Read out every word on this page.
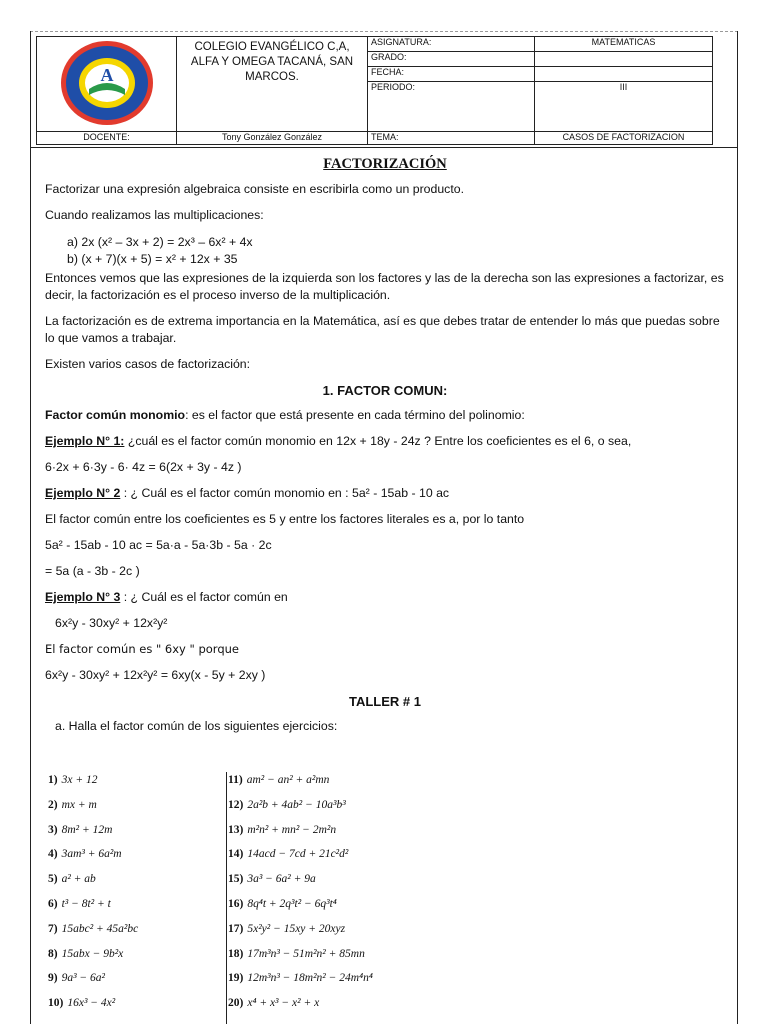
A	COLEGIO EVANGÉLICO C,A, ALFA Y OMEGA TACANÁ, SAN MARCOS.	ASIGNATURA:	MATEMATICAS
		GRADO:	
		FECHA:	
		PERIODO:	III
DOCENTE:	Tony González González	TEMA:	CASOS DE FACTORIZACION
FACTORIZACIÓN

Factorizar una expresión algebraica consiste en escribirla como un producto.

Cuando realizamos las multiplicaciones:

a) 2x (x² – 3x + 2) = 2x³ – 6x² + 4x

b) (x + 7)(x + 5) = x² + 12x + 35

Entonces vemos que las expresiones de la izquierda son los factores y las de la derecha son las expresiones a factorizar, es decir, la factorización es el proceso inverso de la multiplicación.

La factorización es de extrema importancia en la Matemática, así es que debes tratar de entender lo más que puedas sobre lo que vamos a trabajar.

Existen varios casos de factorización:

1. FACTOR COMUN:

Factor común monomio: es el factor que está presente en cada término del polinomio:

Ejemplo N° 1: ¿cuál es el factor común monomio en 12x + 18y - 24z ? Entre los coeficientes es el 6, o sea,

6·2x + 6·3y - 6· 4z = 6(2x + 3y - 4z )

Ejemplo N° 2 : ¿ Cuál es el factor común monomio en : 5a² - 15ab - 10 ac

El factor común entre los coeficientes es 5 y entre los factores literales es a, por lo tanto

5a² - 15ab - 10 ac = 5a·a - 5a·3b - 5a · 2c

= 5a (a - 3b - 2c )

Ejemplo N° 3 : ¿ Cuál es el factor común en

6x²y - 30xy² + 12x²y²

El factor común es " 6xy " porque

6x²y - 30xy² + 12x²y² = 6xy(x - 5y + 2xy )

TALLER # 1

a. Halla el factor común de los siguientes ejercicios:

1) 3x + 12
2) mx + m
3) 8m² + 12m
4) 3am³ + 6a²m
5) a² + ab
6) t³ − 8t² + t
7) 15abc² + 45a²bc
8) 15abx − 9b²x
9) 9a³ − 6a²
10) 16x³ − 4x²
11) am² − an² + a²mn
12) 2a²b + 4ab² − 10a³b³
13) m²n² + mn² − 2m²n
14) 14acd − 7cd + 21c²d²
15) 3a³ − 6a² + 9a
16) 8q⁴t + 2q³t² − 6q³t⁴
17) 5x²y² − 15xy + 20xyz
18) 17m³n³ − 51m²n² + 85mn
19) 12m³n³ − 18m²n² − 24m⁴n⁴
20) x⁴ + x³ − x² + x
